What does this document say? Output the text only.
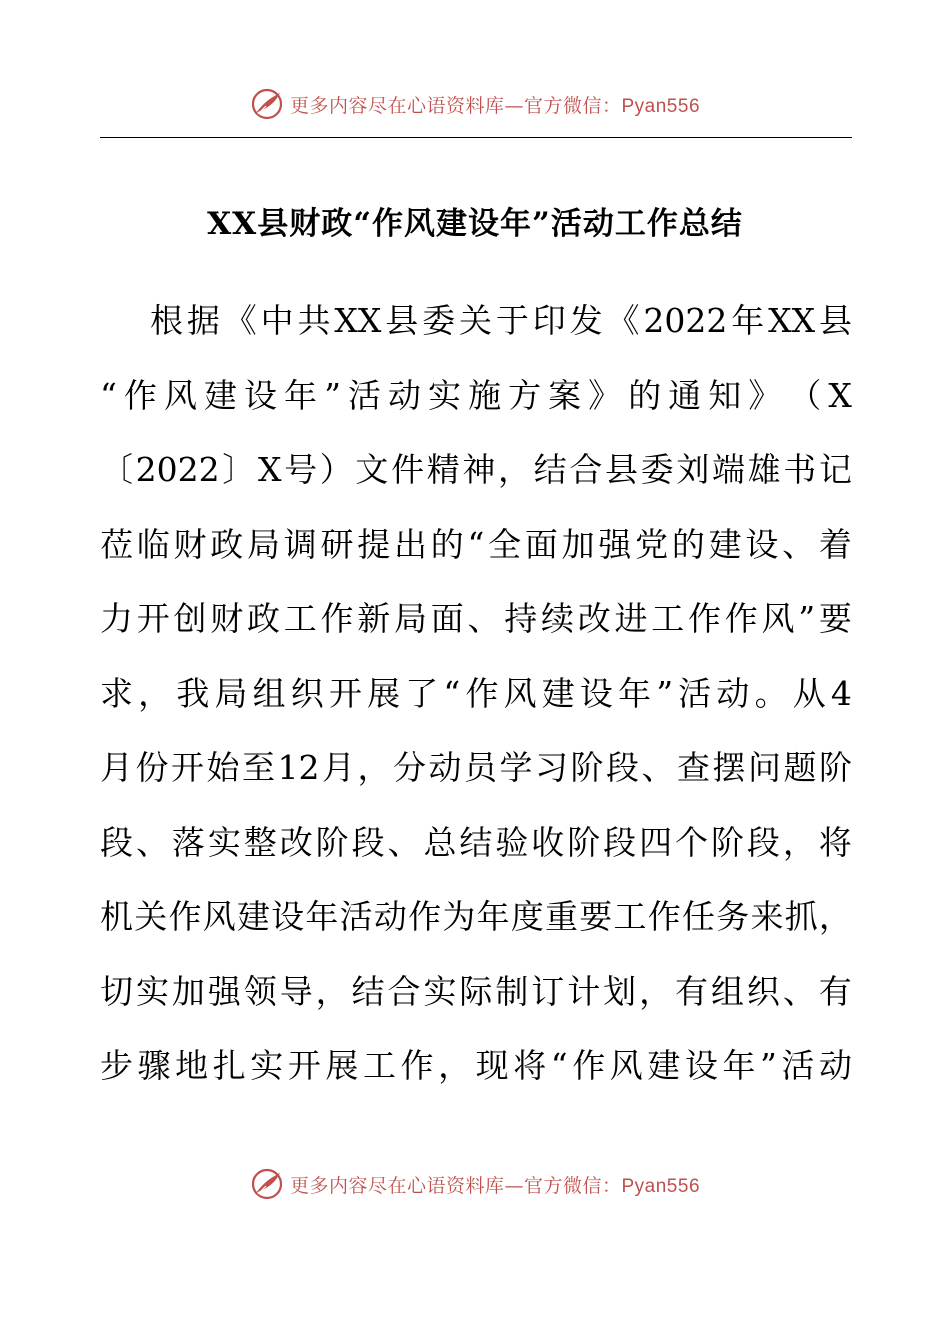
更多内容尽在心语资料库—官方微信：Pyan556
XX县财政“作风建设年”活动工作总结
根 据 《 中 共 XX 县 委 关 于 印 发 《 2022 年 XX 县
“ 作 风 建 设 年 ” 活 动 实 施 方 案 》 的 通 知 》 （ X
〔 2022 〕 X 号 ） 文 件 精 神 ， 结 合 县 委 刘 端 雄 书 记
莅 临 财 政 局 调 研 提 出 的 “ 全 面 加 强 党 的 建 设 、 着
力 开 创 财 政 工 作 新 局 面 、 持 续 改 进 工 作 作 风 ” 要
求 ， 我 局 组 织 开 展 了 “ 作 风 建 设 年 ” 活 动 。 从 4
月 份 开 始 至 12 月 ， 分 动 员 学 习 阶 段 、 查 摆 问 题 阶
段 、 落 实 整 改 阶 段 、 总 结 验 收 阶 段 四 个 阶 段 ， 将
机 关 作 风 建 设 年 活 动 作 为 年 度 重 要 工 作 任 务 来 抓 ，
切 实 加 强 领 导 ， 结 合 实 际 制 订 计 划 ， 有 组 织 、 有
步 骤 地 扎 实 开 展 工 作 ， 现 将 “ 作 风 建 设 年 ” 活 动
更多内容尽在心语资料库—官方微信：Pyan556
